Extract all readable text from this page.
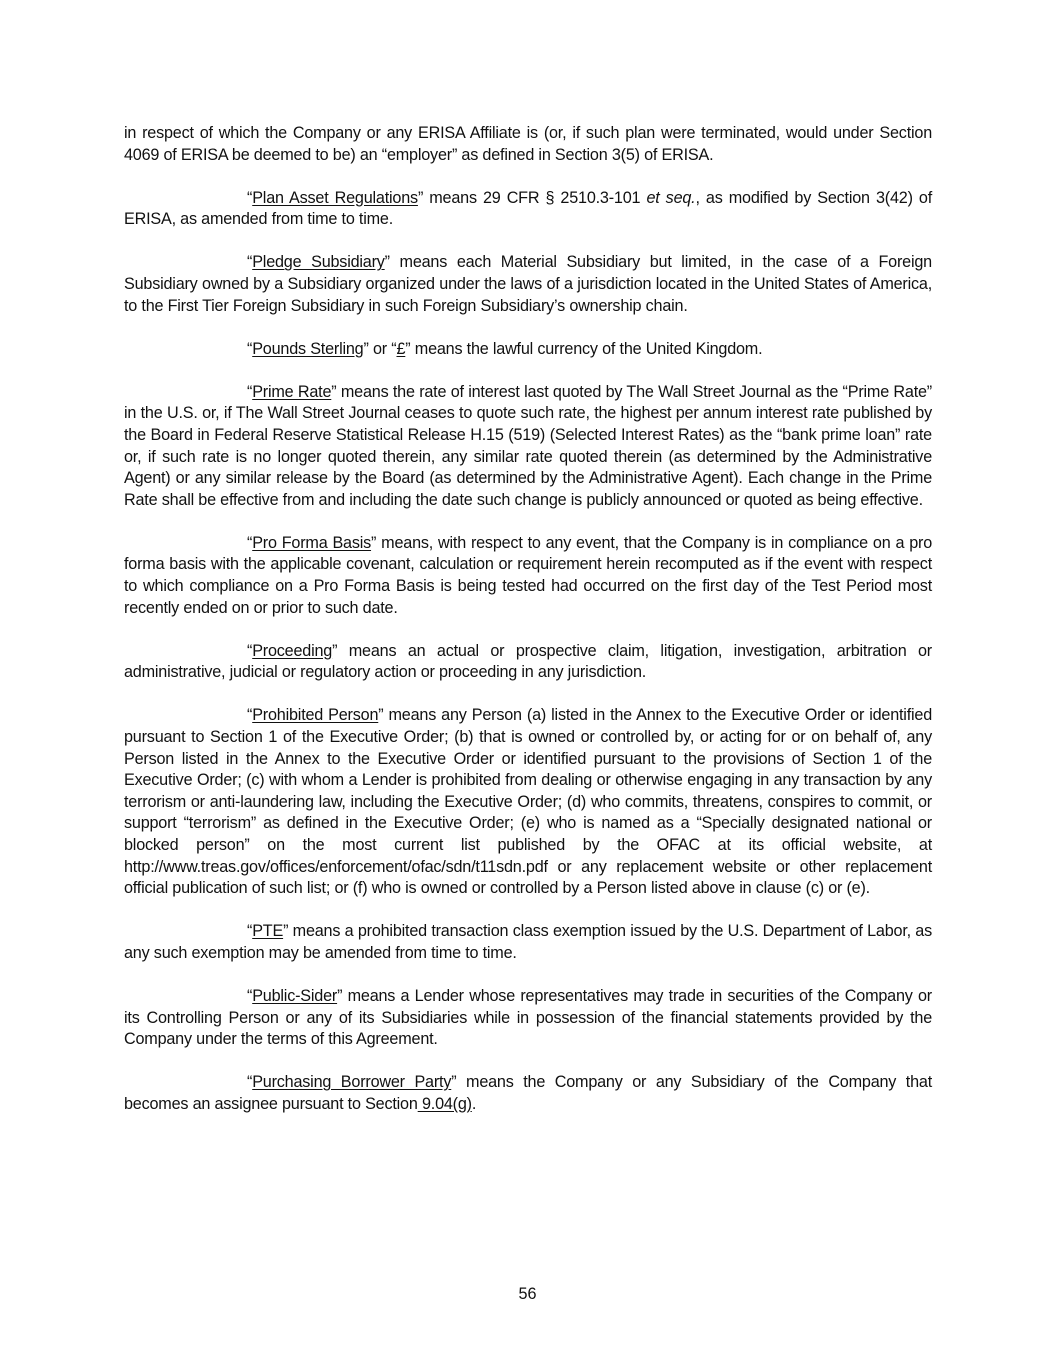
in respect of which the Company or any ERISA Affiliate is (or, if such plan were terminated, would under Section 4069 of ERISA be deemed to be) an “employer” as defined in Section 3(5) of ERISA.

“Plan Asset Regulations” means 29 CFR § 2510.3-101 et seq., as modified by Section 3(42) of ERISA, as amended from time to time.

“Pledge Subsidiary” means each Material Subsidiary but limited, in the case of a Foreign Subsidiary owned by a Subsidiary organized under the laws of a jurisdiction located in the United States of America, to the First Tier Foreign Subsidiary in such Foreign Subsidiary’s ownership chain.

“Pounds Sterling” or “£” means the lawful currency of the United Kingdom.

“Prime Rate” means the rate of interest last quoted by The Wall Street Journal as the “Prime Rate” in the U.S. or, if The Wall Street Journal ceases to quote such rate, the highest per annum interest rate published by the Board in Federal Reserve Statistical Release H.15 (519) (Selected Interest Rates) as the “bank prime loan” rate or, if such rate is no longer quoted therein, any similar rate quoted therein (as determined by the Administrative Agent) or any similar release by the Board (as determined by the Administrative Agent). Each change in the Prime Rate shall be effective from and including the date such change is publicly announced or quoted as being effective.

“Pro Forma Basis” means, with respect to any event, that the Company is in compliance on a pro forma basis with the applicable covenant, calculation or requirement herein recomputed as if the event with respect to which compliance on a Pro Forma Basis is being tested had occurred on the first day of the Test Period most recently ended on or prior to such date.

“Proceeding” means an actual or prospective claim, litigation, investigation, arbitration or administrative, judicial or regulatory action or proceeding in any jurisdiction.

“Prohibited Person” means any Person (a) listed in the Annex to the Executive Order or identified pursuant to Section 1 of the Executive Order; (b) that is owned or controlled by, or acting for or on behalf of, any Person listed in the Annex to the Executive Order or identified pursuant to the provisions of Section 1 of the Executive Order; (c) with whom a Lender is prohibited from dealing or otherwise engaging in any transaction by any terrorism or anti-laundering law, including the Executive Order; (d) who commits, threatens, conspires to commit, or support “terrorism” as defined in the Executive Order; (e) who is named as a “Specially designated national or blocked person” on the most current list published by the OFAC at its official website, at http://www.treas.gov/offices/enforcement/ofac/sdn/t11sdn.pdf or any replacement website or other replacement official publication of such list; or (f) who is owned or controlled by a Person listed above in clause (c) or (e).

“PTE” means a prohibited transaction class exemption issued by the U.S. Department of Labor, as any such exemption may be amended from time to time.

“Public-Sider” means a Lender whose representatives may trade in securities of the Company or its Controlling Person or any of its Subsidiaries while in possession of the financial statements provided by the Company under the terms of this Agreement.

“Purchasing Borrower Party” means the Company or any Subsidiary of the Company that becomes an assignee pursuant to Section 9.04(g).

56
